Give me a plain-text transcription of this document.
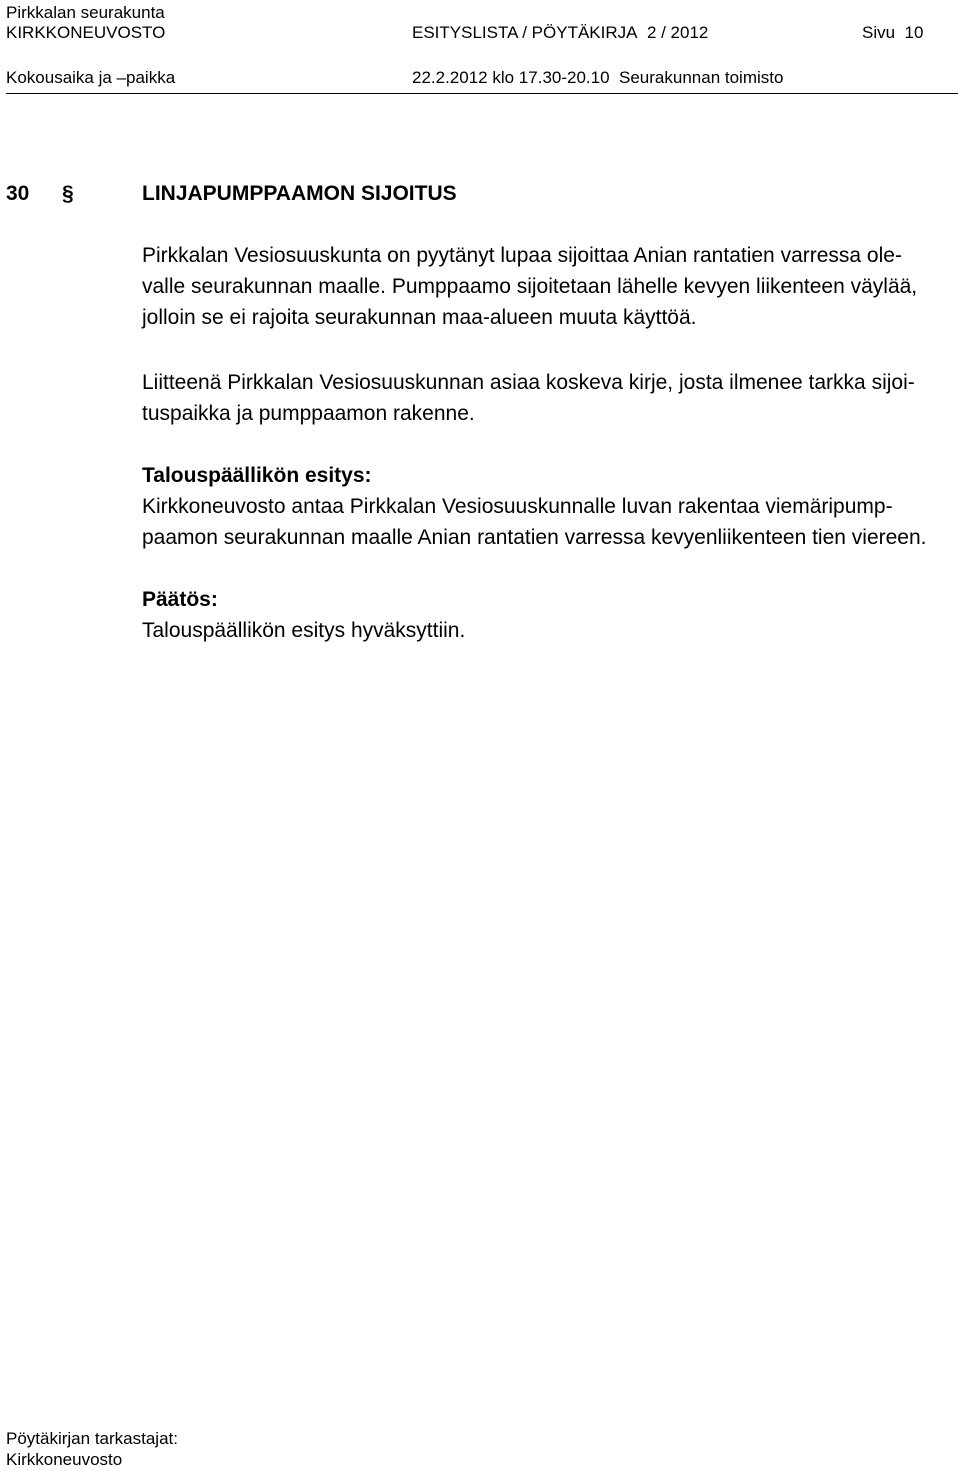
Pirkkalan seurakunta
KIRKKONEUVOSTO	ESITYSLISTA / PÖYTÄKIRJA 2 / 2012	Sivu 10
Kokousaika ja –paikka	22.2.2012 klo 17.30-20.10 Seurakunnan toimisto
30 §	LINJAPUMPPAAMON SIJOITUS
Pirkkalan Vesiosuuskunta on pyytänyt lupaa sijoittaa Anian rantatien varressa ole-
valle seurakunnan maalle. Pumppaamo sijoitetaan lähelle kevyen liikenteen väylää,
jolloin se ei rajoita seurakunnan maa-alueen muuta käyttöä.
Liitteenä Pirkkalan Vesiosuuskunnan asiaa koskeva kirje, josta ilmenee tarkka sijoi-
tuspaikka ja pumppaamon rakenne.
Talouspäällikön esitys:
Kirkkoneuvosto antaa Pirkkalan Vesiosuuskunnalle luvan rakentaa viemäripump-
paamon seurakunnan maalle Anian rantatien varressa kevyenliikenteen tien viereen.
Päätös:
Talouspäällikön esitys hyväksyttiin.
Pöytäkirjan tarkastajat:
Kirkkoneuvosto
